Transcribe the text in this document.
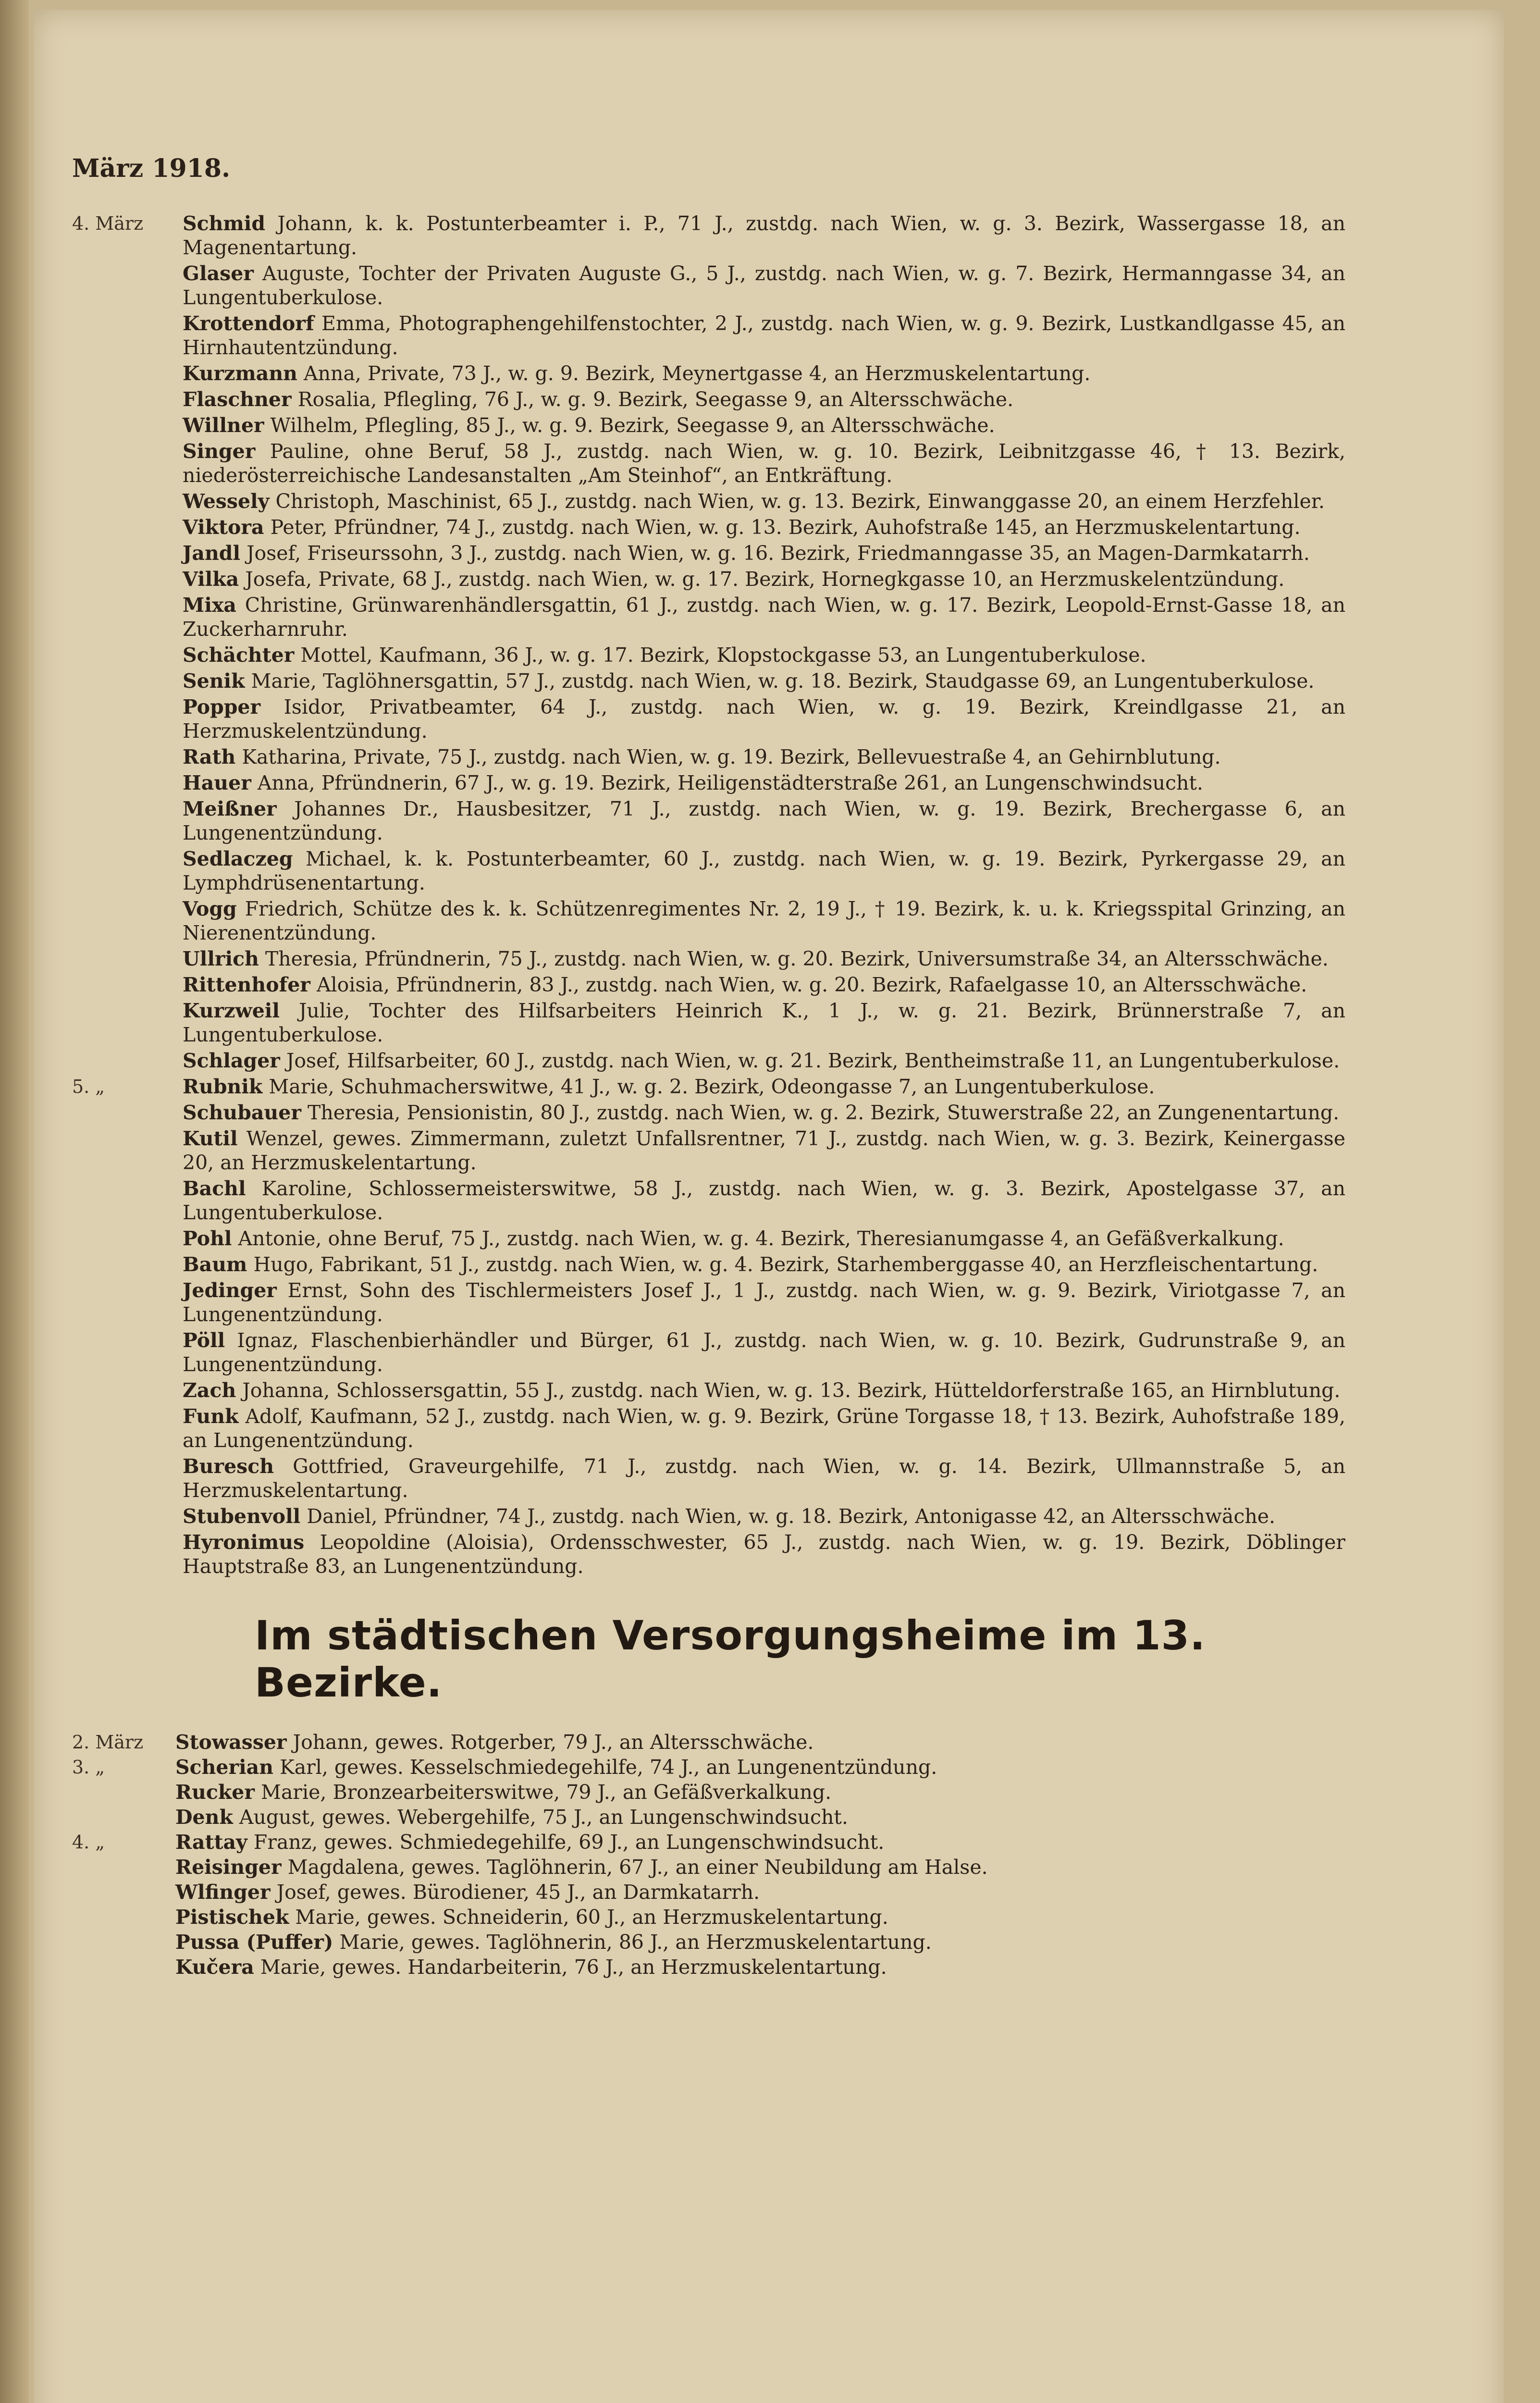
März 1918.
4. März	Schmid Johann, k. k. Postunterbeamter i. P., 71 J., zustdg. nach Wien, w. g. 3. Bezirk, Wassergasse 18, an Magenentartung.
Glaser Auguste, Tochter der Privaten Auguste G., 5 J., zustdg. nach Wien, w. g. 7. Bezirk, Hermanngasse 34, an Lungentuberkulose.
Krottendorf Emma, Photographengehilfenstochter, 2 J., zustdg. nach Wien, w. g. 9. Bezirk, Lustkandlgasse 45, an Hirnhautentzündung.
Kurzmann Anna, Private, 73 J., w. g. 9. Bezirk, Meynertgasse 4, an Herzmuskelentartung.
Flaschner Rosalia, Pflegling, 76 J., w. g. 9. Bezirk, Seegasse 9, an Altersschwäche.
Willner Wilhelm, Pflegling, 85 J., w. g. 9. Bezirk, Seegasse 9, an Altersschwäche.
Singer Pauline, ohne Beruf, 58 J., zustdg. nach Wien, w. g. 10. Bezirk, Leibnitzgasse 46, † 13. Bezirk, niederösterreichische Landesanstalten „Am Steinhof“, an Entkräftung.
Wessely Christoph, Maschinist, 65 J., zustdg. nach Wien, w. g. 13. Bezirk, Einwanggasse 20, an einem Herzfehler.
Viktora Peter, Pfründner, 74 J., zustdg. nach Wien, w. g. 13. Bezirk, Auhofstraße 145, an Herzmuskelentartung.
Jandl Josef, Friseurssohn, 3 J., zustdg. nach Wien, w. g. 16. Bezirk, Friedmanngasse 35, an Magen-Darmkatarrh.
Vilka Josefa, Private, 68 J., zustdg. nach Wien, w. g. 17. Bezirk, Hornegkgasse 10, an Herzmuskelentzündung.
Mixa Christine, Grünwarenhändlersgattin, 61 J., zustdg. nach Wien, w. g. 17. Bezirk, Leopold-Ernst-Gasse 18, an Zuckerharnruhr.
Schächter Mottel, Kaufmann, 36 J., w. g. 17. Bezirk, Klopstockgasse 53, an Lungentuberkulose.
Senik Marie, Taglöhnersgattin, 57 J., zustdg. nach Wien, w. g. 18. Bezirk, Staudgasse 69, an Lungentuberkulose.
Popper Isidor, Privatbeamter, 64 J., zustdg. nach Wien, w. g. 19. Bezirk, Kreindlgasse 21, an Herzmuskelentzündung.
Rath Katharina, Private, 75 J., zustdg. nach Wien, w. g. 19. Bezirk, Bellevuestraße 4, an Gehirnblutung.
Hauer Anna, Pfründnerin, 67 J., w. g. 19. Bezirk, Heiligenstädterstraße 261, an Lungenschwindsucht.
Meißner Johannes Dr., Hausbesitzer, 71 J., zustdg. nach Wien, w. g. 19. Bezirk, Brechergasse 6, an Lungenentzündung.
Sedlaczeg Michael, k. k. Postunterbeamter, 60 J., zustdg. nach Wien, w. g. 19. Bezirk, Pyrkergasse 29, an Lymphdrüsenentartung.
Vogg Friedrich, Schütze des k. k. Schützenregimentes Nr. 2, 19 J., † 19. Bezirk, k. u. k. Kriegsspital Grinzing, an Nierenentzündung.
Ullrich Theresia, Pfründnerin, 75 J., zustdg. nach Wien, w. g. 20. Bezirk, Universumstraße 34, an Altersschwäche.
Rittenhofer Aloisia, Pfründnerin, 83 J., zustdg. nach Wien, w. g. 20. Bezirk, Rafaelgasse 10, an Altersschwäche.
Kurzweil Julie, Tochter des Hilfsarbeiters Heinrich K., 1 J., w. g. 21. Bezirk, Brünnerstraße 7, an Lungentuberkulose.
Schlager Josef, Hilfsarbeiter, 60 J., zustdg. nach Wien, w. g. 21. Bezirk, Bentheimstraße 11, an Lungentuberkulose.
5. „	Rubnik Marie, Schuhmacherswitwe, 41 J., w. g. 2. Bezirk, Odeongasse 7, an Lungentuberkulose.
Schubauer Theresia, Pensionistin, 80 J., zustdg. nach Wien, w. g. 2. Bezirk, Stuwerstraße 22, an Zungenentartung.
Kutil Wenzel, gewes. Zimmermann, zuletzt Unfallsrentner, 71 J., zustdg. nach Wien, w. g. 3. Bezirk, Keinergasse 20, an Herzmuskelentartung.
Bachl Karoline, Schlossermeisterswitwe, 58 J., zustdg. nach Wien, w. g. 3. Bezirk, Apostelgasse 37, an Lungentuberkulose.
Pohl Antonie, ohne Beruf, 75 J., zustdg. nach Wien, w. g. 4. Bezirk, Theresianumgasse 4, an Gefäßverkalkung.
Baum Hugo, Fabrikant, 51 J., zustdg. nach Wien, w. g. 4. Bezirk, Starhemberggasse 40, an Herzfleischentartung.
Jedinger Ernst, Sohn des Tischlermeisters Josef J., 1 J., zustdg. nach Wien, w. g. 9. Bezirk, Viriotgasse 7, an Lungenentzündung.
Pöll Ignaz, Flaschenbierhändler und Bürger, 61 J., zustdg. nach Wien, w. g. 10. Bezirk, Gudrunstraße 9, an Lungenentzündung.
Zach Johanna, Schlossersgattin, 55 J., zustdg. nach Wien, w. g. 13. Bezirk, Hütteldorferstraße 165, an Hirnblutung.
Funk Adolf, Kaufmann, 52 J., zustdg. nach Wien, w. g. 9. Bezirk, Grüne Torgasse 18, † 13. Bezirk, Auhofstraße 189, an Lungenentzündung.
Buresch Gottfried, Graveurgehilfe, 71 J., zustdg. nach Wien, w. g. 14. Bezirk, Ullmannstraße 5, an Herzmuskelentartung.
Stubenvoll Daniel, Pfründner, 74 J., zustdg. nach Wien, w. g. 18. Bezirk, Antonigasse 42, an Altersschwäche.
Hyronimus Leopoldine (Aloisia), Ordensschwester, 65 J., zustdg. nach Wien, w. g. 19. Bezirk, Döblinger Hauptstraße 83, an Lungenentzündung.
Im städtischen Versorgungsheime im 13. Bezirke.
2. März	Stowasser Johann, gewes. Rotgerber, 79 J., an Altersschwäche.
3. „	Scherian Karl, gewes. Kesselschmiedegehilfe, 74 J., an Lungenentzündung.
Rucker Marie, Bronzearbeiterswitwe, 79 J., an Gefäßverkalkung.
Denk August, gewes. Webergehilfe, 75 J., an Lungenschwindsucht.
4. „	Rattay Franz, gewes. Schmiedegehilfe, 69 J., an Lungenschwindsucht.
Reisinger Magdalena, gewes. Taglöhnerin, 67 J., an einer Neubildung am Halse.
Wlfinger Josef, gewes. Bürodiener, 45 J., an Darmkatarrh.
Pistischek Marie, gewes. Schneiderin, 60 J., an Herzmuskelentartung.
Pussa (Puffer) Marie, gewes. Taglöhnerin, 86 J., an Herzmuskelentartung.
Kučera Marie, gewes. Handarbeiterin, 76 J., an Herzmuskelentartung.
